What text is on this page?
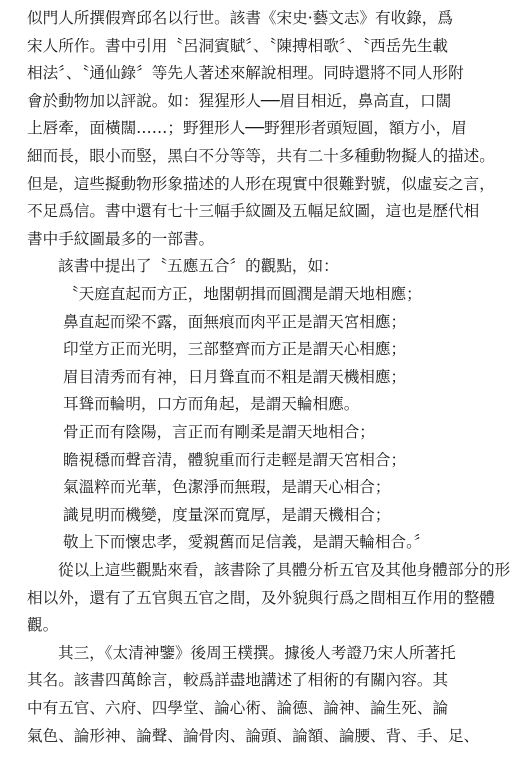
似門人所撰假齊邱名以行世。該書《宋史·藝文志》有收錄，爲
宋人所作。書中引用〝呂洞賓賦〞、〝陳搏相歌〞、〝西岳先生載
相法〞、〝通仙錄〞等先人著述來解說相理。同時還將不同人形附
會於動物加以評說。如：猩猩形人──眉目相近，鼻高直，口闊
上唇牽，面橫闊……；野狸形人──野狸形者頭短圓，額方小，眉
細而長，眼小而竪，黑白不分等等，共有二十多種動物擬人的描述。
但是，這些擬動物形象描述的人形在現實中很難對號，似虛妄之言，
不足爲信。書中還有七十三幅手紋圖及五幅足紋圖，這也是歷代相
書中手紋圖最多的一部書。
該書中提出了〝五應五合〞的觀點，如：
〝天庭直起而方正，地閣朝揖而圓潤是謂天地相應；
鼻直起而梁不露，面無痕而肉平正是謂天宮相應；
印堂方正而光明，三部整齊而方正是謂天心相應；
眉目清秀而有神，日月聳直而不粗是謂天機相應；
耳聳而輪明，口方而角起，是謂天輪相應。
骨正而有陰陽，言正而有剛柔是謂天地相合；
瞻視穩而聲音清，體貌重而行走輕是謂天宮相合；
氣溫粹而光華，色潔淨而無瑕，是謂天心相合；
識見明而機變，度量深而寬厚，是謂天機相合；
敬上下而懷忠孝，愛親舊而足信義，是謂天輪相合。〞
從以上這些觀點來看，該書除了具體分析五官及其他身體部分的形
相以外，還有了五官與五官之間，及外貌與行爲之間相互作用的整體
觀。
其三，《太清神鑒》後周王樸撰。據後人考證乃宋人所著托
其名。該書四萬餘言，較爲詳盡地講述了相術的有關內容。其
中有五官、六府、四學堂、論心術、論德、論神、論生死、論
氣色、論形神、論聲、論骨肉、論頭、論額、論腰、背、手、足、
